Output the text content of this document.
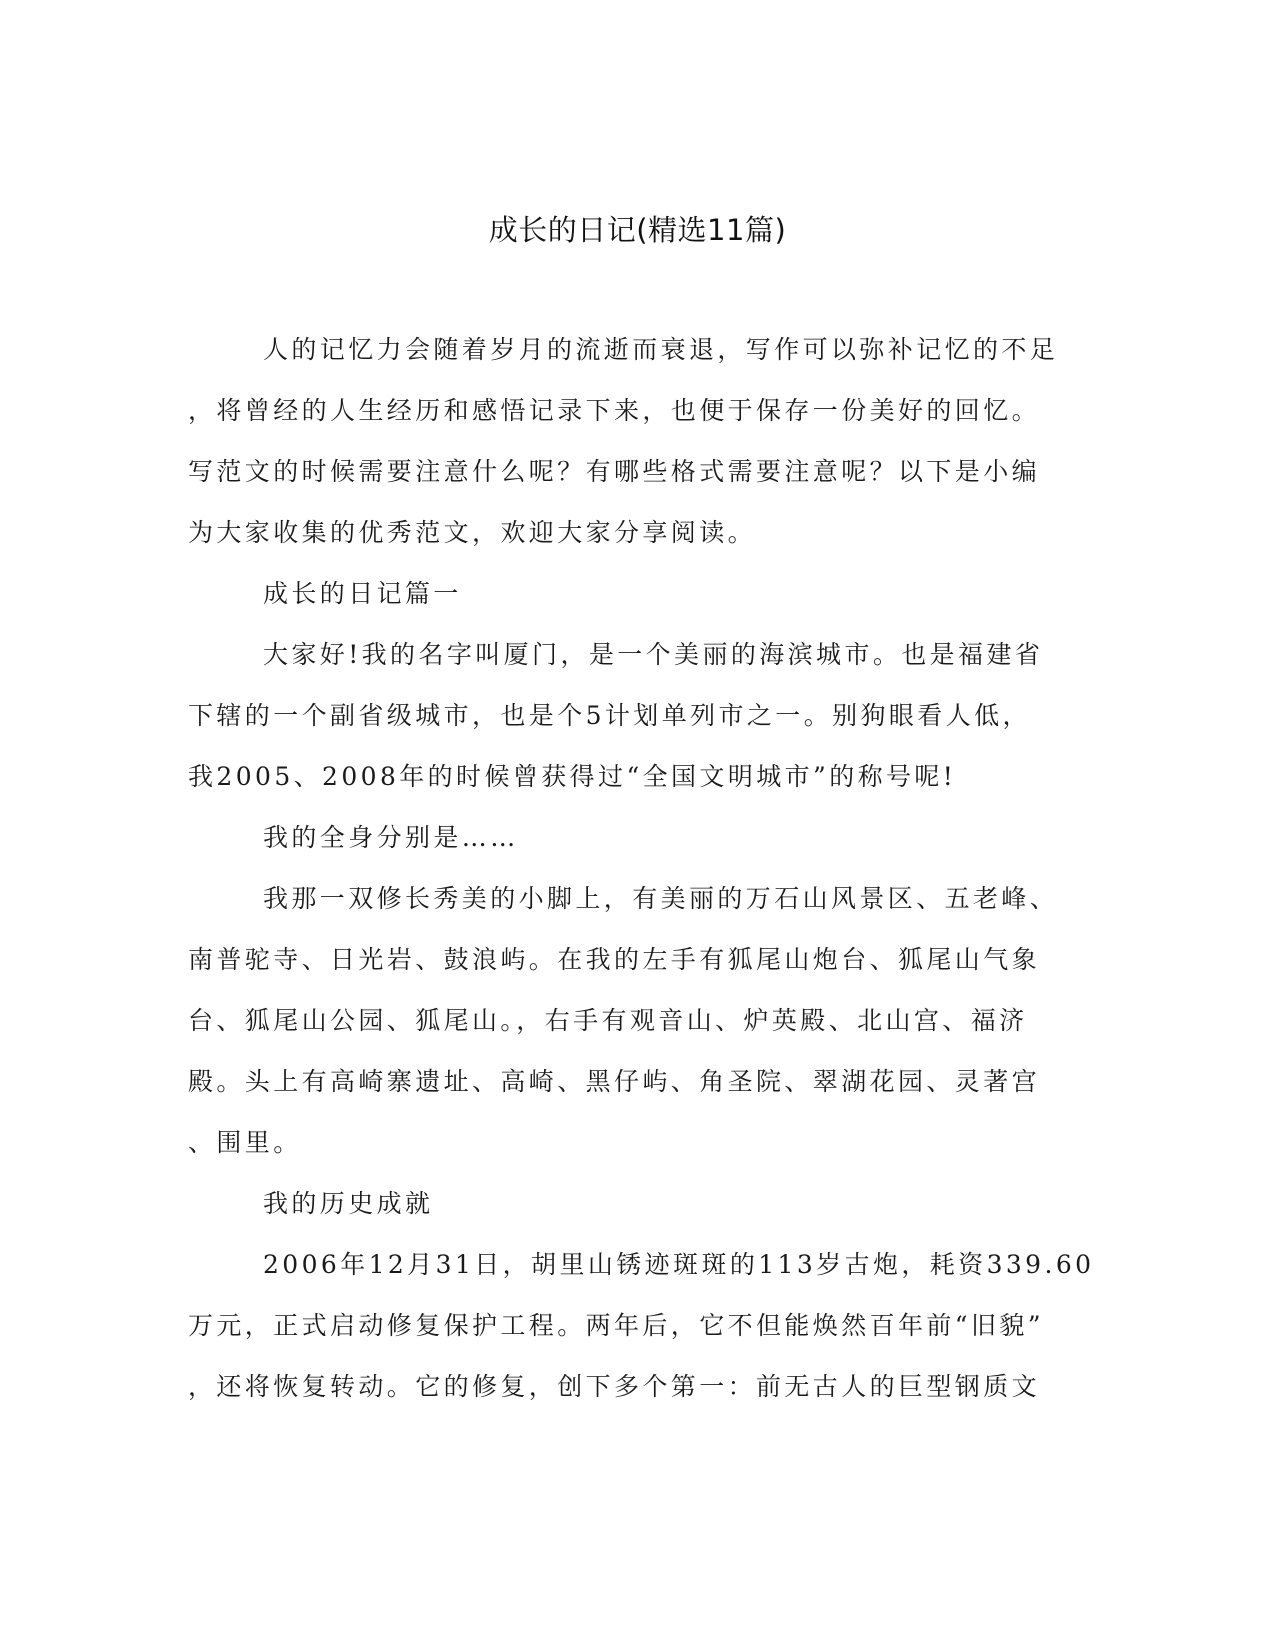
成长的日记(精选11篇)
人的记忆力会随着岁月的流逝而衰退，写作可以弥补记忆的不足
，将曾经的人生经历和感悟记录下来，也便于保存一份美好的回忆。
写范文的时候需要注意什么呢？有哪些格式需要注意呢？以下是小编
为大家收集的优秀范文，欢迎大家分享阅读。
成长的日记篇一
大家好!我的名字叫厦门，是一个美丽的海滨城市。也是福建省
下辖的一个副省级城市，也是个5计划单列市之一。别狗眼看人低，
我2005、2008年的时候曾获得过“全国文明城市”的称号呢!
我的全身分别是……
我那一双修长秀美的小脚上，有美丽的万石山风景区、五老峰、
南普驼寺、日光岩、鼓浪屿。在我的左手有狐尾山炮台、狐尾山气象
台、狐尾山公园、狐尾山。，右手有观音山、炉英殿、北山宫、福济
殿。头上有高崎寨遗址、高崎、黑仔屿、角圣院、翠湖花园、灵著宫
、围里。
我的历史成就
2006年12月31日，胡里山锈迹斑斑的113岁古炮，耗资339.60
万元，正式启动修复保护工程。两年后，它不但能焕然百年前“旧貌”
，还将恢复转动。它的修复，创下多个第一：前无古人的巨型钢质文
